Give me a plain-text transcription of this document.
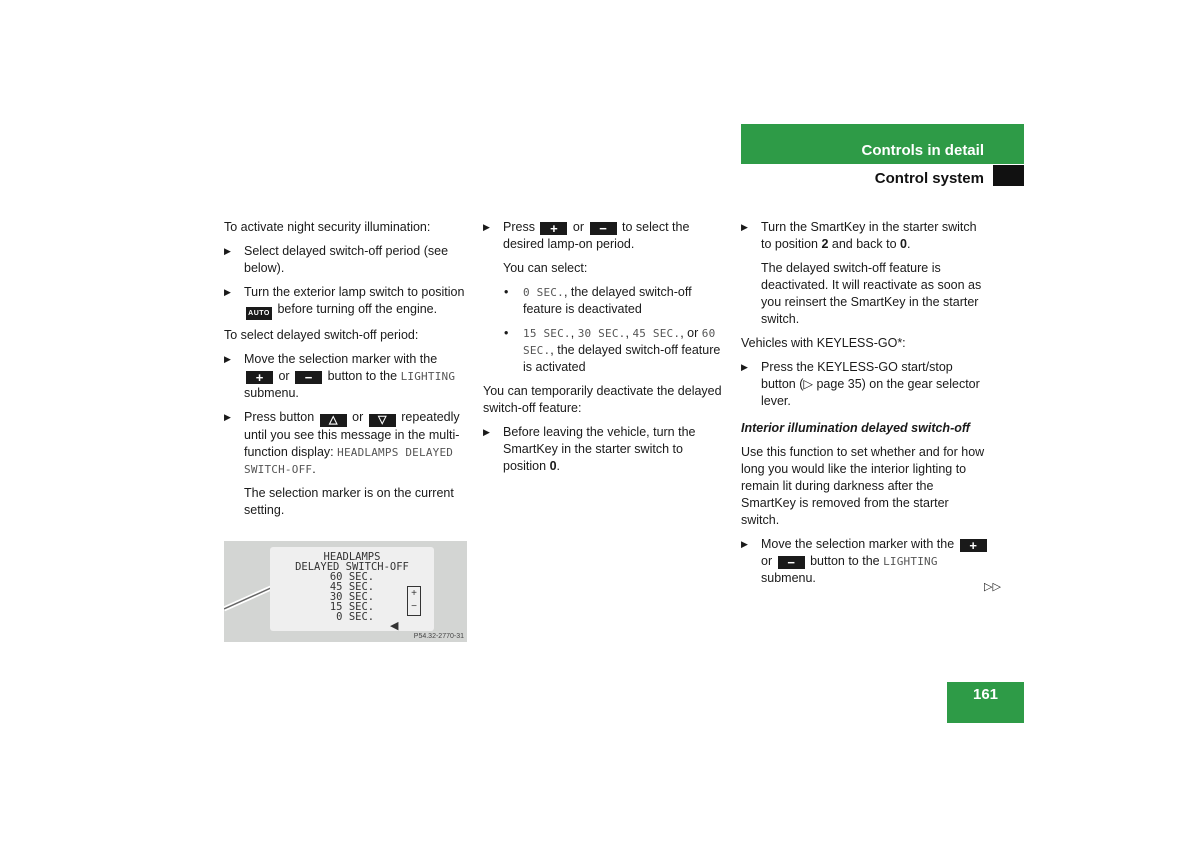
Controls in detail
Control system

To activate night security illumination:

▶ Select delayed switch-off period (see below).
▶ Turn the exterior lamp switch to position AUTO before turning off the engine.

To select delayed switch-off period:

▶ Move the selection marker with the + or − button to the LIGHTING submenu.
▶ Press button △ or ▽ repeatedly until you see this message in the multi-function display: HEADLAMPS DELAYED SWITCH-OFF.

The selection marker is on the current setting.

HEADLAMPS
DELAYED SWITCH-OFF
60 SEC.
45 SEC.
30 SEC.
15 SEC.
0 SEC.
+
−
◀
P54.32-2770-31
▶ Press + or − to select the desired lamp-on period.

You can select:

• 0 SEC., the delayed switch-off feature is deactivated
• 15 SEC., 30 SEC., 45 SEC., or 60 SEC., the delayed switch-off feature is activated

You can temporarily deactivate the delayed switch-off feature:

▶ Before leaving the vehicle, turn the SmartKey in the starter switch to position 0.
▶ Turn the SmartKey in the starter switch to position 2 and back to 0.

The delayed switch-off feature is deactivated. It will reactivate as soon as you reinsert the SmartKey in the starter switch.

Vehicles with KEYLESS-GO*:

▶ Press the KEYLESS-GO start/stop button (▷ page 35) on the gear selector lever.
Interior illumination delayed switch-off

Use this function to set whether and for how long you would like the interior lighting to remain lit during darkness after the SmartKey is removed from the starter switch.

▶ Move the selection marker with the + or − button to the LIGHTING submenu.
▷▷
161
